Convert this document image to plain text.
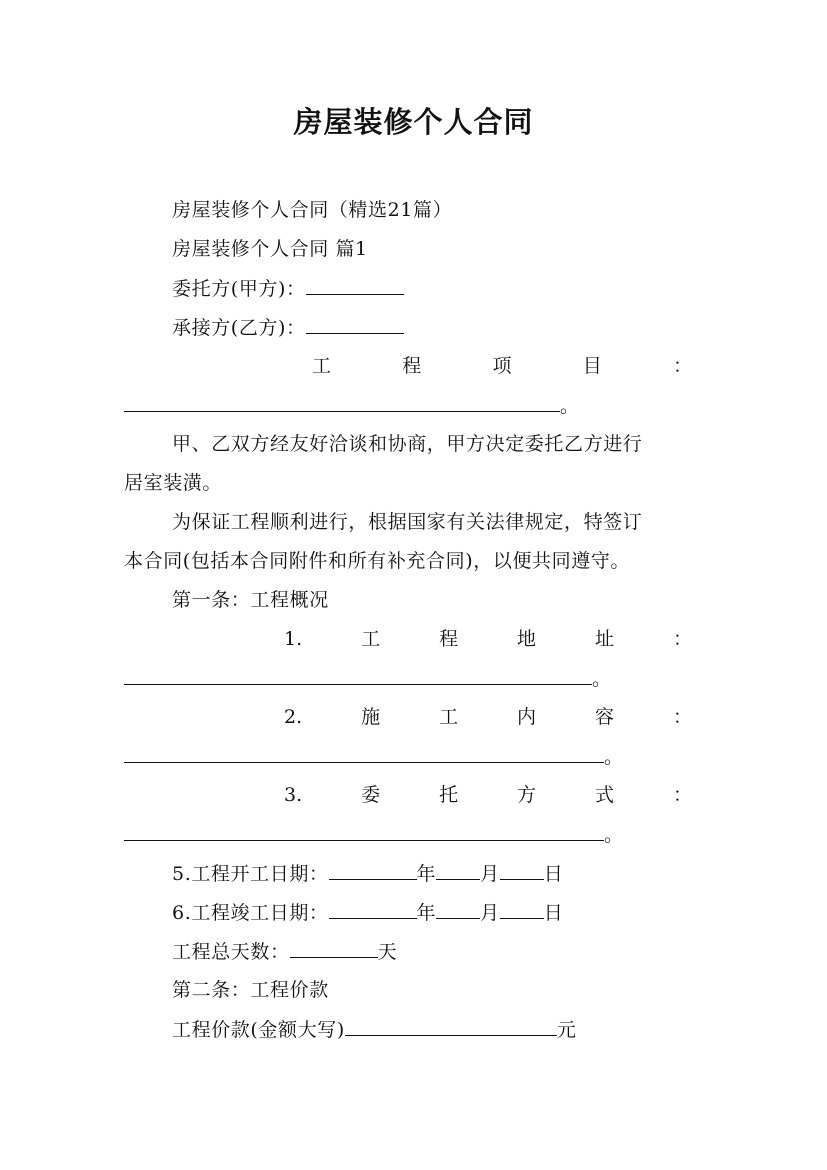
房屋装修个人合同
房屋装修个人合同（精选21篇）
房屋装修个人合同 篇1
委托方(甲方)：
承接方(乙方)：
工	程	项	目	：
。
甲、乙双方经友好洽谈和协商，甲方决定委托乙方进行
居室装潢。
为保证工程顺利进行，根据国家有关法律规定，特签订
本合同(包括本合同附件和所有补充合同)，以便共同遵守。
第一条：工程概况
1.	工	程	地	址	：
。
2.	施	工	内	容	：
。
3.	委	托	方	式	：
。
5.工程开工日期：	年 月 日
6.工程竣工日期：	年 月 日
工程总天数：	天
第二条：工程价款
工程价款(金额大写)	元
